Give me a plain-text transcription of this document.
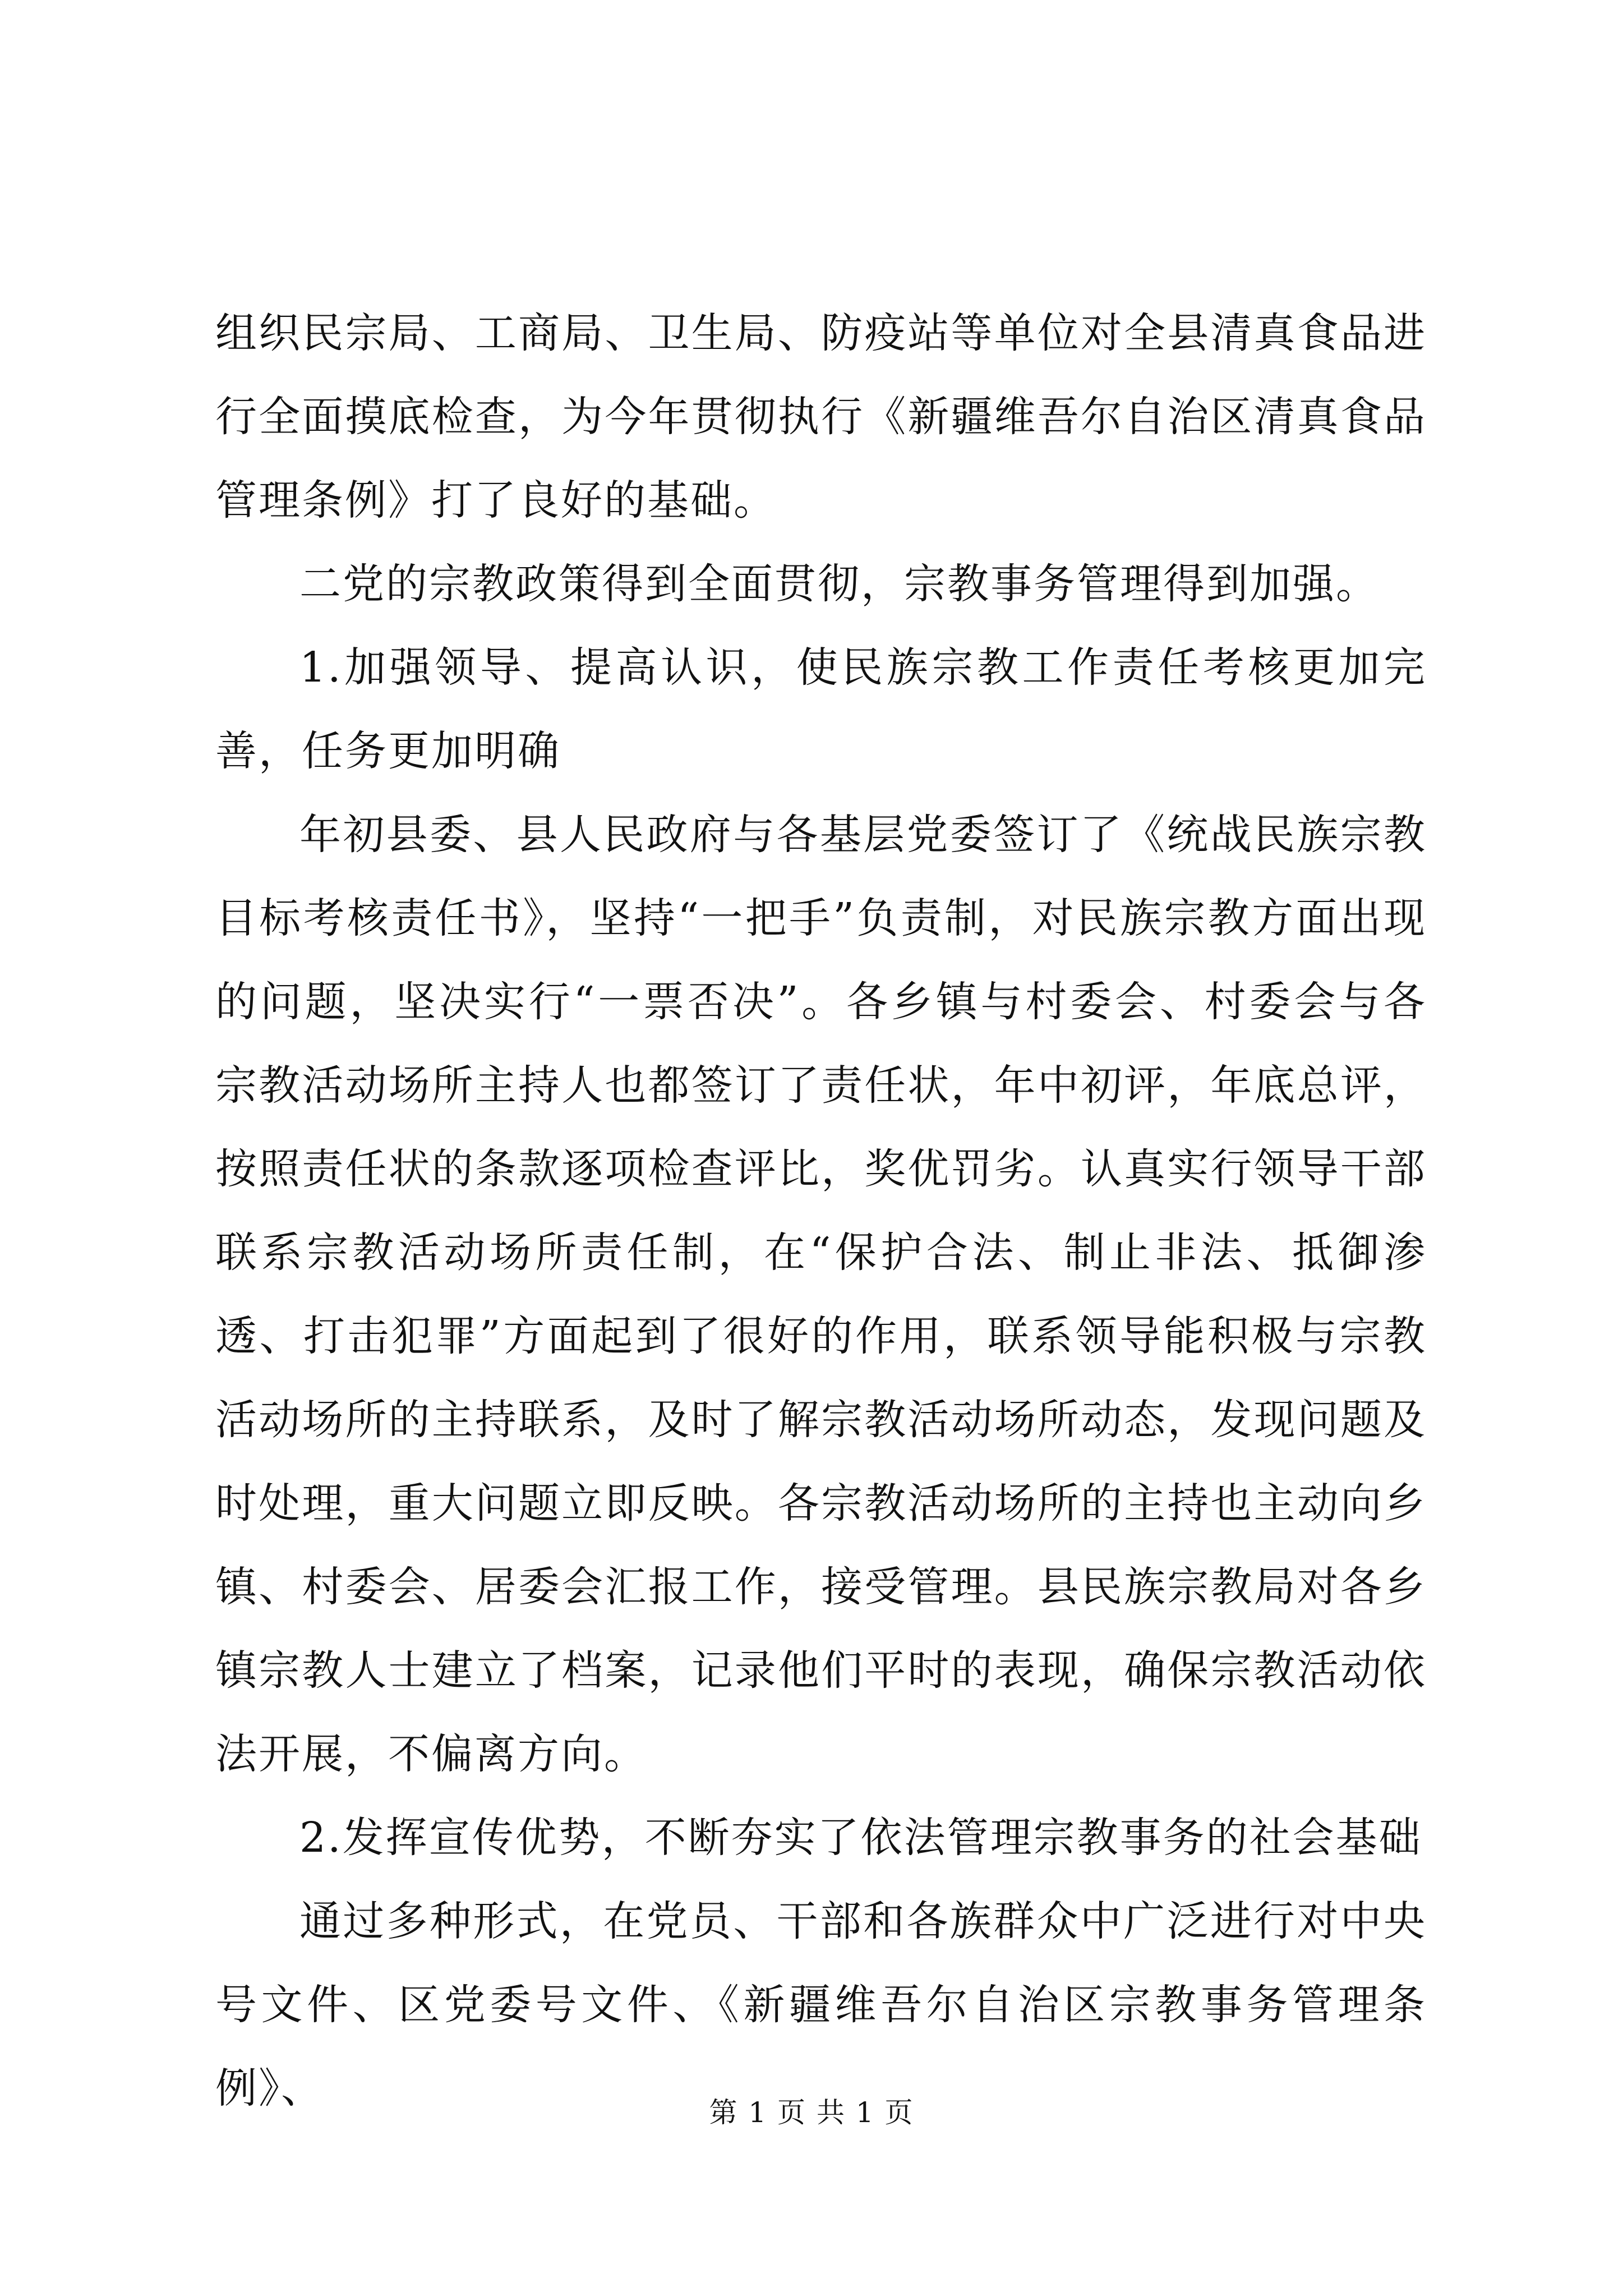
组织民宗局、工商局、卫生局、防疫站等单位对全县清真食品进行全面摸底检查，为今年贯彻执行《新疆维吾尔自治区清真食品管理条例》打了良好的基础。

二党的宗教政策得到全面贯彻，宗教事务管理得到加强。

1.加强领导、提高认识，使民族宗教工作责任考核更加完善，任务更加明确

年初县委、县人民政府与各基层党委签订了《统战民族宗教目标考核责任书》，坚持“一把手”负责制，对民族宗教方面出现的问题，坚决实行“一票否决”。各乡镇与村委会、村委会与各宗教活动场所主持人也都签订了责任状，年中初评，年底总评，按照责任状的条款逐项检查评比，奖优罚劣。认真实行领导干部联系宗教活动场所责任制，在“保护合法、制止非法、抵御渗透、打击犯罪”方面起到了很好的作用，联系领导能积极与宗教活动场所的主持联系，及时了解宗教活动场所动态，发现问题及时处理，重大问题立即反映。各宗教活动场所的主持也主动向乡镇、村委会、居委会汇报工作，接受管理。县民族宗教局对各乡镇宗教人士建立了档案，记录他们平时的表现，确保宗教活动依法开展，不偏离方向。

2.发挥宣传优势，不断夯实了依法管理宗教事务的社会基础

通过多种形式，在党员、干部和各族群众中广泛进行对中央号文件、区党委号文件、《新疆维吾尔自治区宗教事务管理条例》、	第 1 页 共 1 页
